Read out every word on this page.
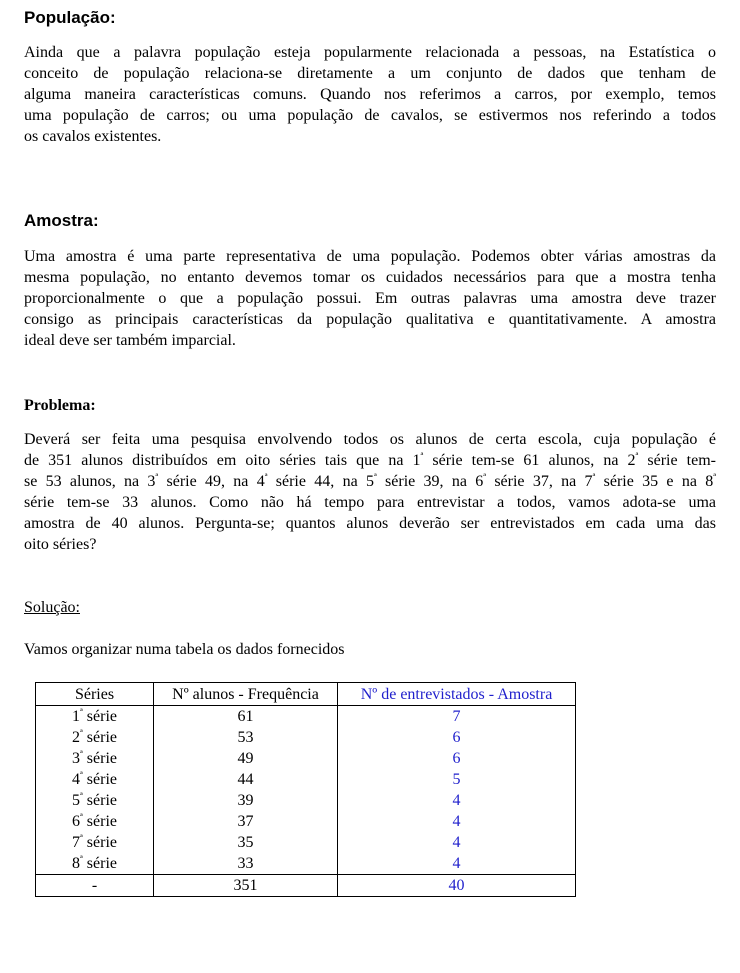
População:

Ainda que a palavra população esteja popularmente relacionada a pessoas, na Estatística o
conceito de população relaciona-se diretamente a um conjunto de dados que tenham de
alguma maneira características comuns. Quando nos referimos a carros, por exemplo, temos
uma população de carros; ou uma população de cavalos, se estivermos nos referindo a todos
os cavalos existentes.

Amostra:

Uma amostra é uma parte representativa de uma população. Podemos obter várias amostras da
mesma população, no entanto devemos tomar os cuidados necessários para que a mostra tenha
proporcionalmente o que a população possui. Em outras palavras uma amostra deve trazer
consigo as principais características da população qualitativa e quantitativamente. A amostra
ideal deve ser também imparcial.

Problema:

Deverá ser feita uma pesquisa envolvendo todos os alunos de certa escola, cuja população é
de 351 alunos distribuídos em oito séries tais que na $1^ª$ série tem-se 61 alunos, na $2^ª$ série tem-
se 53 alunos, na $3^ª$ série 49, na $4^ª$ série 44, na $5^ª$ série 39, na $6^ª$ série 37, na $7^ª$ série 35 e na $8^ª$
série tem-se 33 alunos. Como não há tempo para entrevistar a todos, vamos adota-se uma
amostra de 40 alunos. Pergunta-se; quantos alunos deverão ser entrevistados em cada uma das
oito séries?

Solução:

Vamos organizar numa tabela os dados fornecidos

Séries	Nº alunos - Frequência	Nº de entrevistados - Amostra
$1^ª$ série	61	7
$2^ª$ série	53	6
$3^ª$ série	49	6
$4^ª$ série	44	5
$5^ª$ série	39	4
$6^ª$ série	37	4
$7^ª$ série	35	4
$8^ª$ série	33	4
-	351	40
